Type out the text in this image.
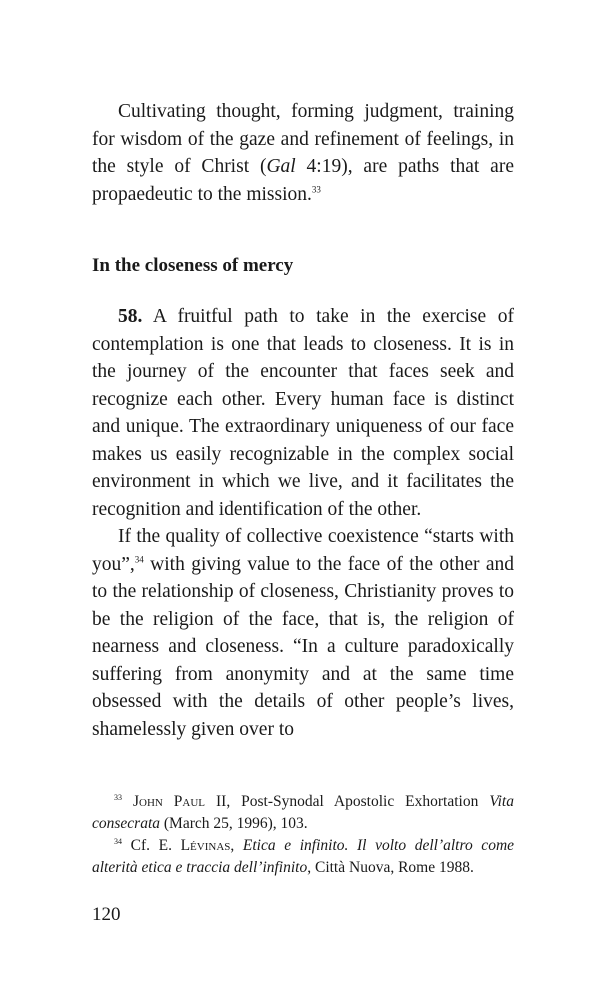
Cultivating thought, forming judgment, training for wisdom of the gaze and refinement of feelings, in the style of Christ (Gal 4:19), are paths that are propaedeutic to the mission.$^{33}$

In the closeness of mercy

58. A fruitful path to take in the exercise of contemplation is one that leads to closeness. It is in the journey of the encounter that faces seek and recognize each other. Every human face is distinct and unique. The extraordinary uniqueness of our face makes us easily recognizable in the complex social environment in which we live, and it facilitates the recognition and identification of the other.

If the quality of collective coexistence “starts with you”,$^{34}$ with giving value to the face of the other and to the relationship of closeness, Christianity proves to be the religion of the face, that is, the religion of nearness and closeness. “In a culture paradoxically suffering from anonymity and at the same time obsessed with the details of other people’s lives, shamelessly given over to

$^{33}$ John Paul II, Post-Synodal Apostolic Exhortation Vita consecrata (March 25, 1996), 103.

$^{34}$ Cf. E. Lévinas, Etica e infinito. Il volto dell’altro come alterità etica e traccia dell’infinito, Città Nuova, Rome 1988.

120
